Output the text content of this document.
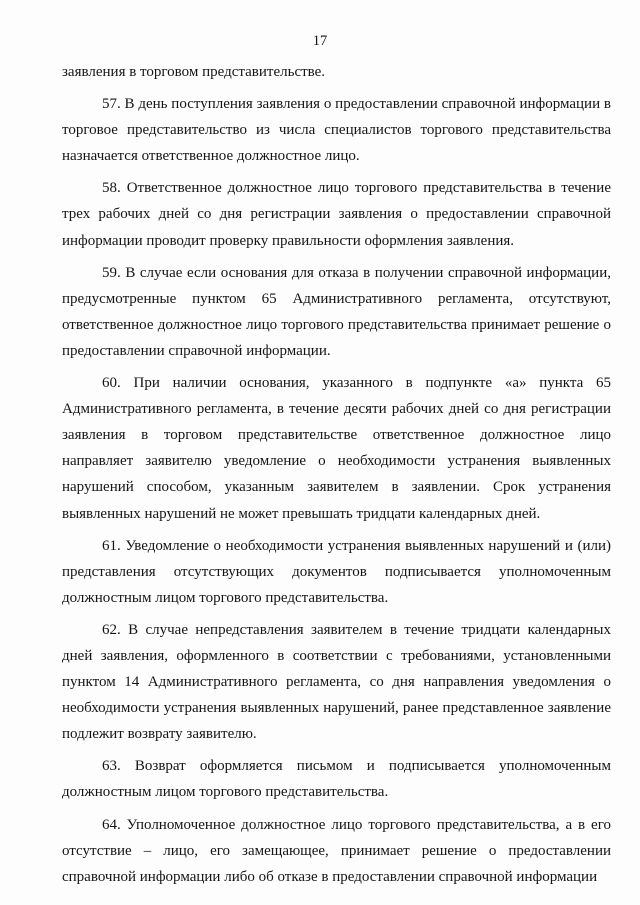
17

заявления в торговом представительстве.

57. В день поступления заявления о предоставлении справочной информации в торговое представительство из числа специалистов торгового представительства назначается ответственное должностное лицо.

58. Ответственное должностное лицо торгового представительства в течение трех рабочих дней со дня регистрации заявления о предоставлении справочной информации проводит проверку правильности оформления заявления.

59. В случае если основания для отказа в получении справочной информации, предусмотренные пунктом 65 Административного регламента, отсутствуют, ответственное должностное лицо торгового представительства принимает решение о предоставлении справочной информации.

60. При наличии основания, указанного в подпункте «а» пункта 65 Административного регламента, в течение десяти рабочих дней со дня регистрации заявления в торговом представительстве ответственное должностное лицо направляет заявителю уведомление о необходимости устранения выявленных нарушений способом, указанным заявителем в заявлении. Срок устранения выявленных нарушений не может превышать тридцати календарных дней.

61. Уведомление о необходимости устранения выявленных нарушений и (или) представления отсутствующих документов подписывается уполномоченным должностным лицом торгового представительства.

62. В случае непредставления заявителем в течение тридцати календарных дней заявления, оформленного в соответствии с требованиями, установленными пунктом 14 Административного регламента, со дня направления уведомления о необходимости устранения выявленных нарушений, ранее представленное заявление подлежит возврату заявителю.

63. Возврат оформляется письмом и подписывается уполномоченным должностным лицом торгового представительства.

64. Уполномоченное должностное лицо торгового представительства, а в его отсутствие – лицо, его замещающее, принимает решение о предоставлении справочной информации либо об отказе в предоставлении справочной информации
